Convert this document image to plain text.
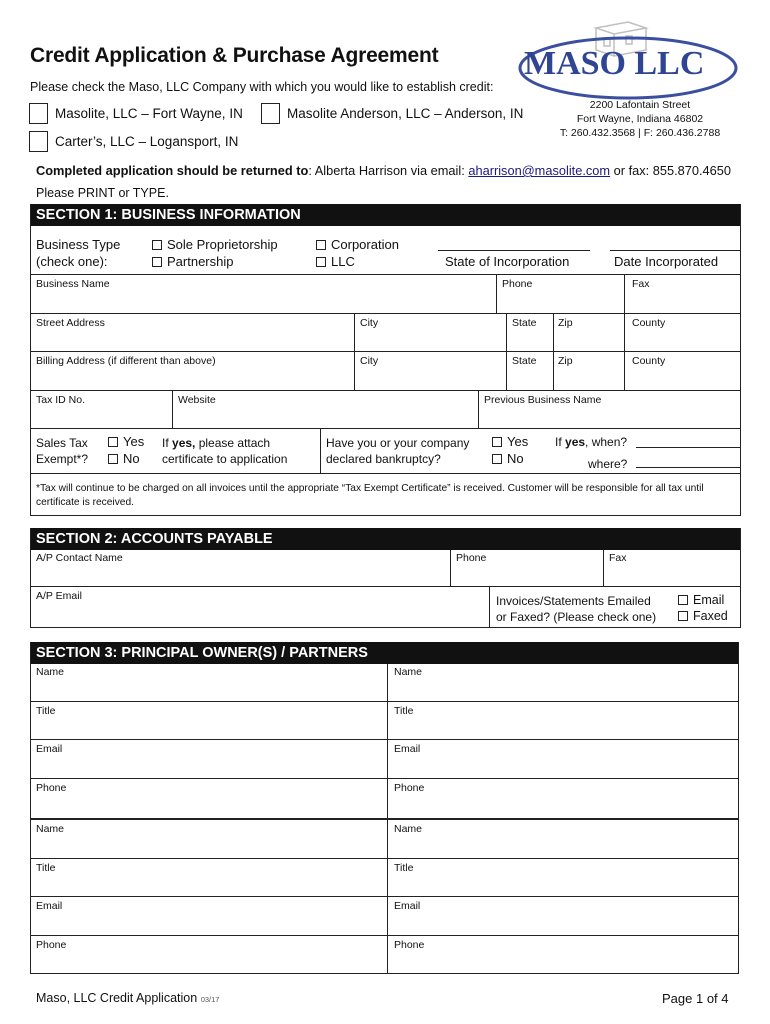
Credit Application & Purchase Agreement
Please check the Maso, LLC Company with which you would like to establish credit:
Masolite, LLC – Fort Wayne, IN	Masolite Anderson, LLC – Anderson, IN
Carter’s, LLC – Logansport, IN
MASO LLC
2200 Lafontain Street
Fort Wayne, Indiana 46802
T: 260.432.3568 | F: 260.436.2788
Completed application should be returned to: Alberta Harrison via email: aharrison@masolite.com or fax: 855.870.4650
Please PRINT or TYPE.
SECTION 1: BUSINESS INFORMATION
Business Type
(check one):
Sole Proprietorship
Partnership
Corporation
LLC	State of Incorporation	Date Incorporated
Business Name	Phone	Fax
Street Address	City	State Zip	County
Billing Address (if different than above)	City	State Zip	County
Tax ID No.	Website	Previous Business Name
Sales Tax
Exempt*?
Yes
No
If yes, please attach
certificate to application
Have you or your company
declared bankruptcy?
Yes
No
If yes, when?
where?
*Tax will continue to be charged on all invoices until the appropriate “Tax Exempt Certificate” is received. Customer will be responsible for all tax until certificate is received.
SECTION 2: ACCOUNTS PAYABLE
A/P Contact Name	Phone	Fax
A/P Email	Invoices/Statements Emailed
or Faxed? (Please check one)
Email
Faxed
SECTION 3: PRINCIPAL OWNER(S) / PARTNERS
Name	Name
Title	Title
Email	Email
Phone	Phone
Name	Name
Title	Title
Email	Email
Phone	Phone
Maso, LLC Credit Application 03/17	Page 1 of 4
